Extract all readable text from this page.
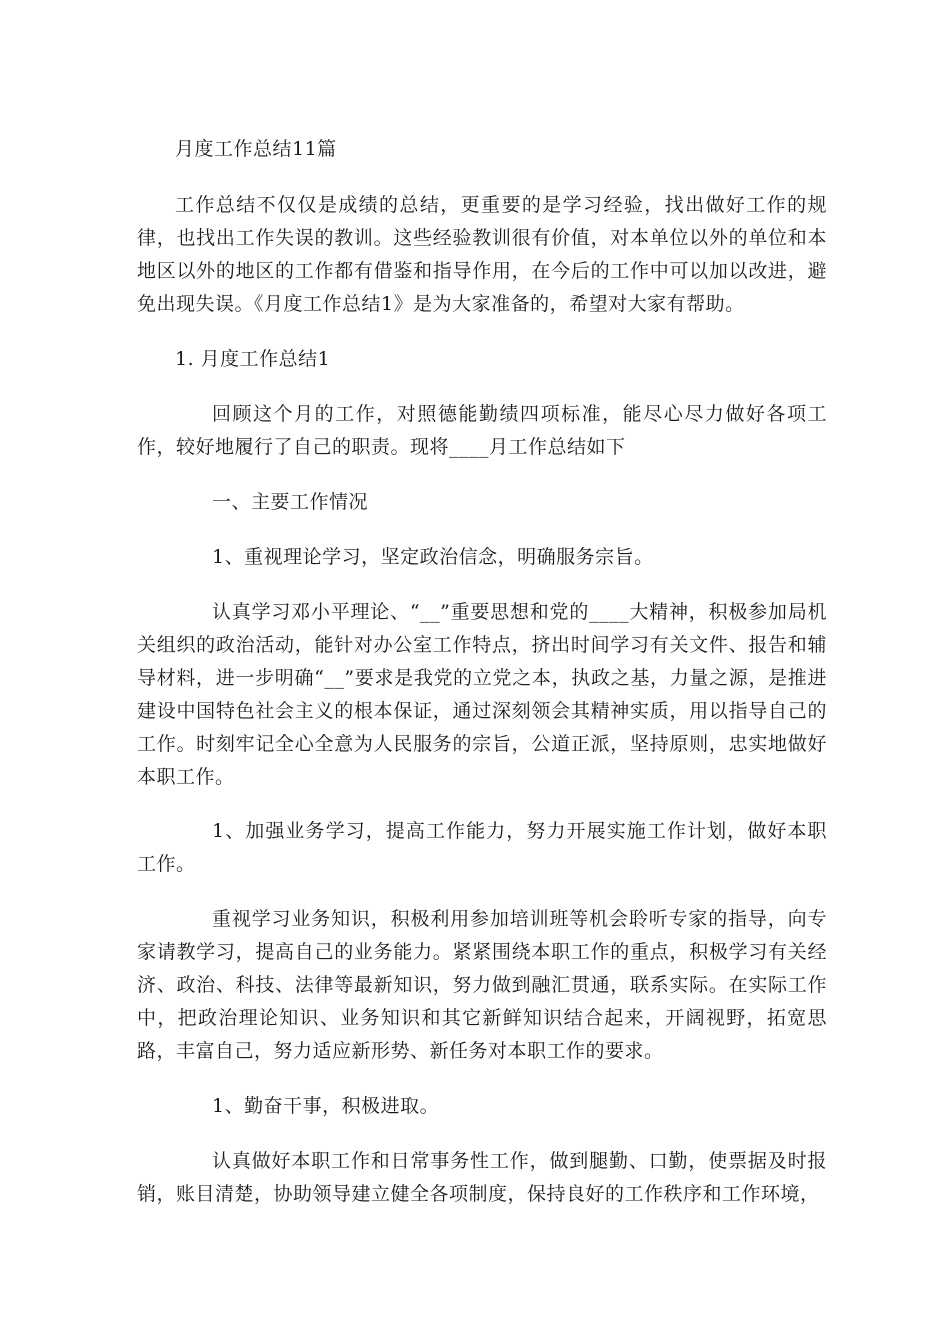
月度工作总结11篇

工作总结不仅仅是成绩的总结，更重要的是学习经验，找出做好工作的规律，也找出工作失误的教训。这些经验教训很有价值，对本单位以外的单位和本地区以外的地区的工作都有借鉴和指导作用，在今后的工作中可以加以改进，避免出现失误。《月度工作总结1》是为大家准备的，希望对大家有帮助。

1. 月度工作总结1

回顾这个月的工作，对照德能勤绩四项标准，能尽心尽力做好各项工作，较好地履行了自己的职责。现将____月工作总结如下

一、主要工作情况

1、重视理论学习，坚定政治信念，明确服务宗旨。

认真学习邓小平理论、“__”重要思想和党的____大精神，积极参加局机关组织的政治活动，能针对办公室工作特点，挤出时间学习有关文件、报告和辅导材料，进一步明确“__”要求是我党的立党之本，执政之基，力量之源，是推进建设中国特色社会主义的根本保证，通过深刻领会其精神实质，用以指导自己的工作。时刻牢记全心全意为人民服务的宗旨，公道正派，坚持原则，忠实地做好本职工作。

1、加强业务学习，提高工作能力，努力开展实施工作计划，做好本职工作。

重视学习业务知识，积极利用参加培训班等机会聆听专家的指导，向专家请教学习，提高自己的业务能力。紧紧围绕本职工作的重点，积极学习有关经济、政治、科技、法律等最新知识，努力做到融汇贯通，联系实际。在实际工作中，把政治理论知识、业务知识和其它新鲜知识结合起来，开阔视野，拓宽思路，丰富自己，努力适应新形势、新任务对本职工作的要求。

1、勤奋干事，积极进取。

认真做好本职工作和日常事务性工作，做到腿勤、口勤，使票据及时报销，账目清楚，协助领导建立健全各项制度，保持良好的工作秩序和工作环境，
